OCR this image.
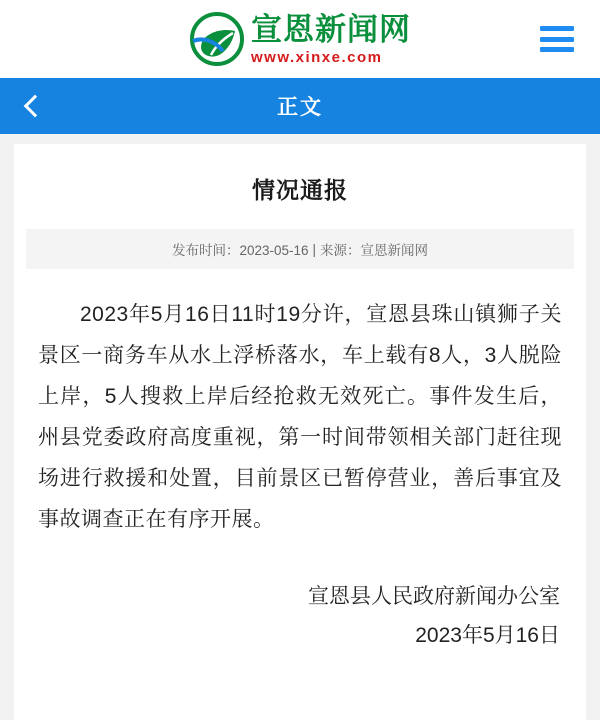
宣恩新闻网
www.xinxe.com
正文
情况通报
发布时间：2023-05-16 | 来源：宣恩新闻网
2023年5月16日11时19分许，宣恩县珠山镇狮子关景区一商务车从水上浮桥落水，车上载有8人，3人脱险上岸，5人搜救上岸后经抢救无效死亡。事件发生后，州县党委政府高度重视，第一时间带领相关部门赶往现场进行救援和处置，目前景区已暂停营业，善后事宜及事故调查正在有序开展。
宣恩县人民政府新闻办公室
2023年5月16日
